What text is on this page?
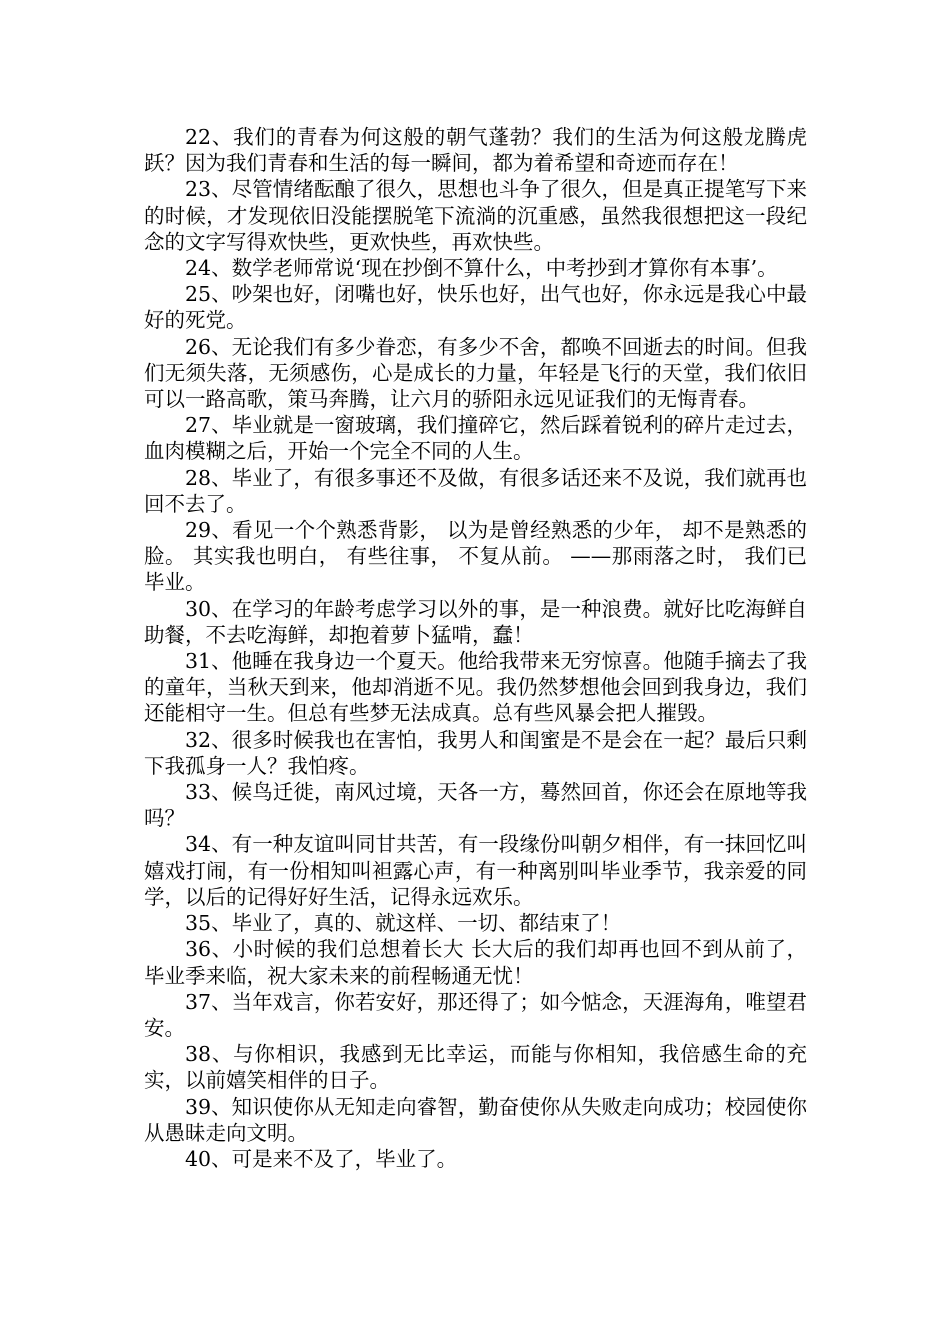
22、我们的青春为何这般的朝气蓬勃？我们的生活为何这般龙腾虎跃？因为我们青春和生活的每一瞬间，都为着希望和奇迹而存在！

23、尽管情绪酝酿了很久，思想也斗争了很久，但是真正提笔写下来的时候，才发现依旧没能摆脱笔下流淌的沉重感，虽然我很想把这一段纪念的文字写得欢快些，更欢快些，再欢快些。

24、数学老师常说‘现在抄倒不算什么，中考抄到才算你有本事’。

25、吵架也好，闭嘴也好，快乐也好，出气也好，你永远是我心中最好的死党。

26、无论我们有多少眷恋，有多少不舍，都唤不回逝去的时间。但我们无须失落，无须感伤，心是成长的力量，年轻是飞行的天堂，我们依旧可以一路高歌，策马奔腾，让六月的骄阳永远见证我们的无悔青春。

27、毕业就是一窗玻璃，我们撞碎它，然后踩着锐利的碎片走过去，血肉模糊之后，开始一个完全不同的人生。

28、毕业了，有很多事还不及做，有很多话还来不及说，我们就再也回不去了。

29、看见一个个熟悉背影， 以为是曾经熟悉的少年， 却不是熟悉的脸。 其实我也明白， 有些往事， 不复从前。 ——那雨落之时， 我们已毕业。

30、在学习的年龄考虑学习以外的事，是一种浪费。就好比吃海鲜自助餐，不去吃海鲜，却抱着萝卜猛啃，蠢！

31、他睡在我身边一个夏天。他给我带来无穷惊喜。他随手摘去了我的童年，当秋天到来，他却消逝不见。我仍然梦想他会回到我身边，我们还能相守一生。但总有些梦无法成真。总有些风暴会把人摧毁。

32、很多时候我也在害怕，我男人和闺蜜是不是会在一起？最后只剩下我孤身一人？我怕疼。

33、候鸟迁徙，南风过境，天各一方，蓦然回首，你还会在原地等我吗？

34、有一种友谊叫同甘共苦，有一段缘份叫朝夕相伴，有一抹回忆叫嬉戏打闹，有一份相知叫袒露心声，有一种离别叫毕业季节，我亲爱的同学，以后的记得好好生活，记得永远欢乐。

35、毕业了，真的、就这样、一切、都结束了！

36、小时候的我们总想着长大 长大后的我们却再也回不到从前了，毕业季来临，祝大家未来的前程畅通无忧！

37、当年戏言，你若安好，那还得了；如今惦念，天涯海角，唯望君安。

38、与你相识，我感到无比幸运，而能与你相知，我倍感生命的充实，以前嬉笑相伴的日子。

39、知识使你从无知走向睿智，勤奋使你从失败走向成功；校园使你从愚昧走向文明。

40、可是来不及了，毕业了。
